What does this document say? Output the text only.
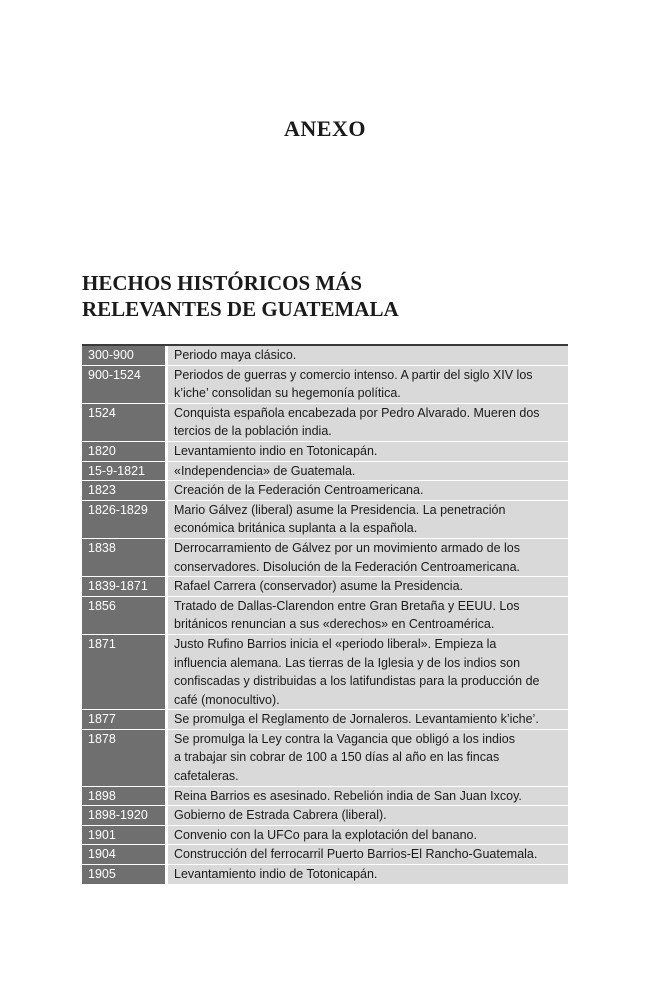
ANEXO
HECHOS HISTÓRICOS MÁS
RELEVANTES DE GUATEMALA
300-900	Periodo maya clásico.
900-1524	Periodos de guerras y comercio intenso. A partir del siglo XIV los
k’iche’ consolidan su hegemonía política.
1524	Conquista española encabezada por Pedro Alvarado. Mueren dos
tercios de la población india.
1820	Levantamiento indio en Totonicapán.
15-9-1821	«Independencia» de Guatemala.
1823	Creación de la Federación Centroamericana.
1826-1829	Mario Gálvez (liberal) asume la Presidencia. La penetración
económica británica suplanta a la española.
1838	Derrocarramiento de Gálvez por un movimiento armado de los
conservadores. Disolución de la Federación Centroamericana.
1839-1871	Rafael Carrera (conservador) asume la Presidencia.
1856	Tratado de Dallas-Clarendon entre Gran Bretaña y EEUU. Los
británicos renuncian a sus «derechos» en Centroamérica.
1871	Justo Rufino Barrios inicia el «periodo liberal». Empieza la
influencia alemana. Las tierras de la Iglesia y de los indios son
confiscadas y distribuidas a los latifundistas para la producción de
café (monocultivo).
1877	Se promulga el Reglamento de Jornaleros. Levantamiento k’iche’.
1878	Se promulga la Ley contra la Vagancia que obligó a los indios
a trabajar sin cobrar de 100 a 150 días al año en las fincas
cafetaleras.
1898	Reina Barrios es asesinado. Rebelión india de San Juan Ixcoy.
1898-1920	Gobierno de Estrada Cabrera (liberal).
1901	Convenio con la UFCo para la explotación del banano.
1904	Construcción del ferrocarril Puerto Barrios-El Rancho-Guatemala.
1905	Levantamiento indio de Totonicapán.
